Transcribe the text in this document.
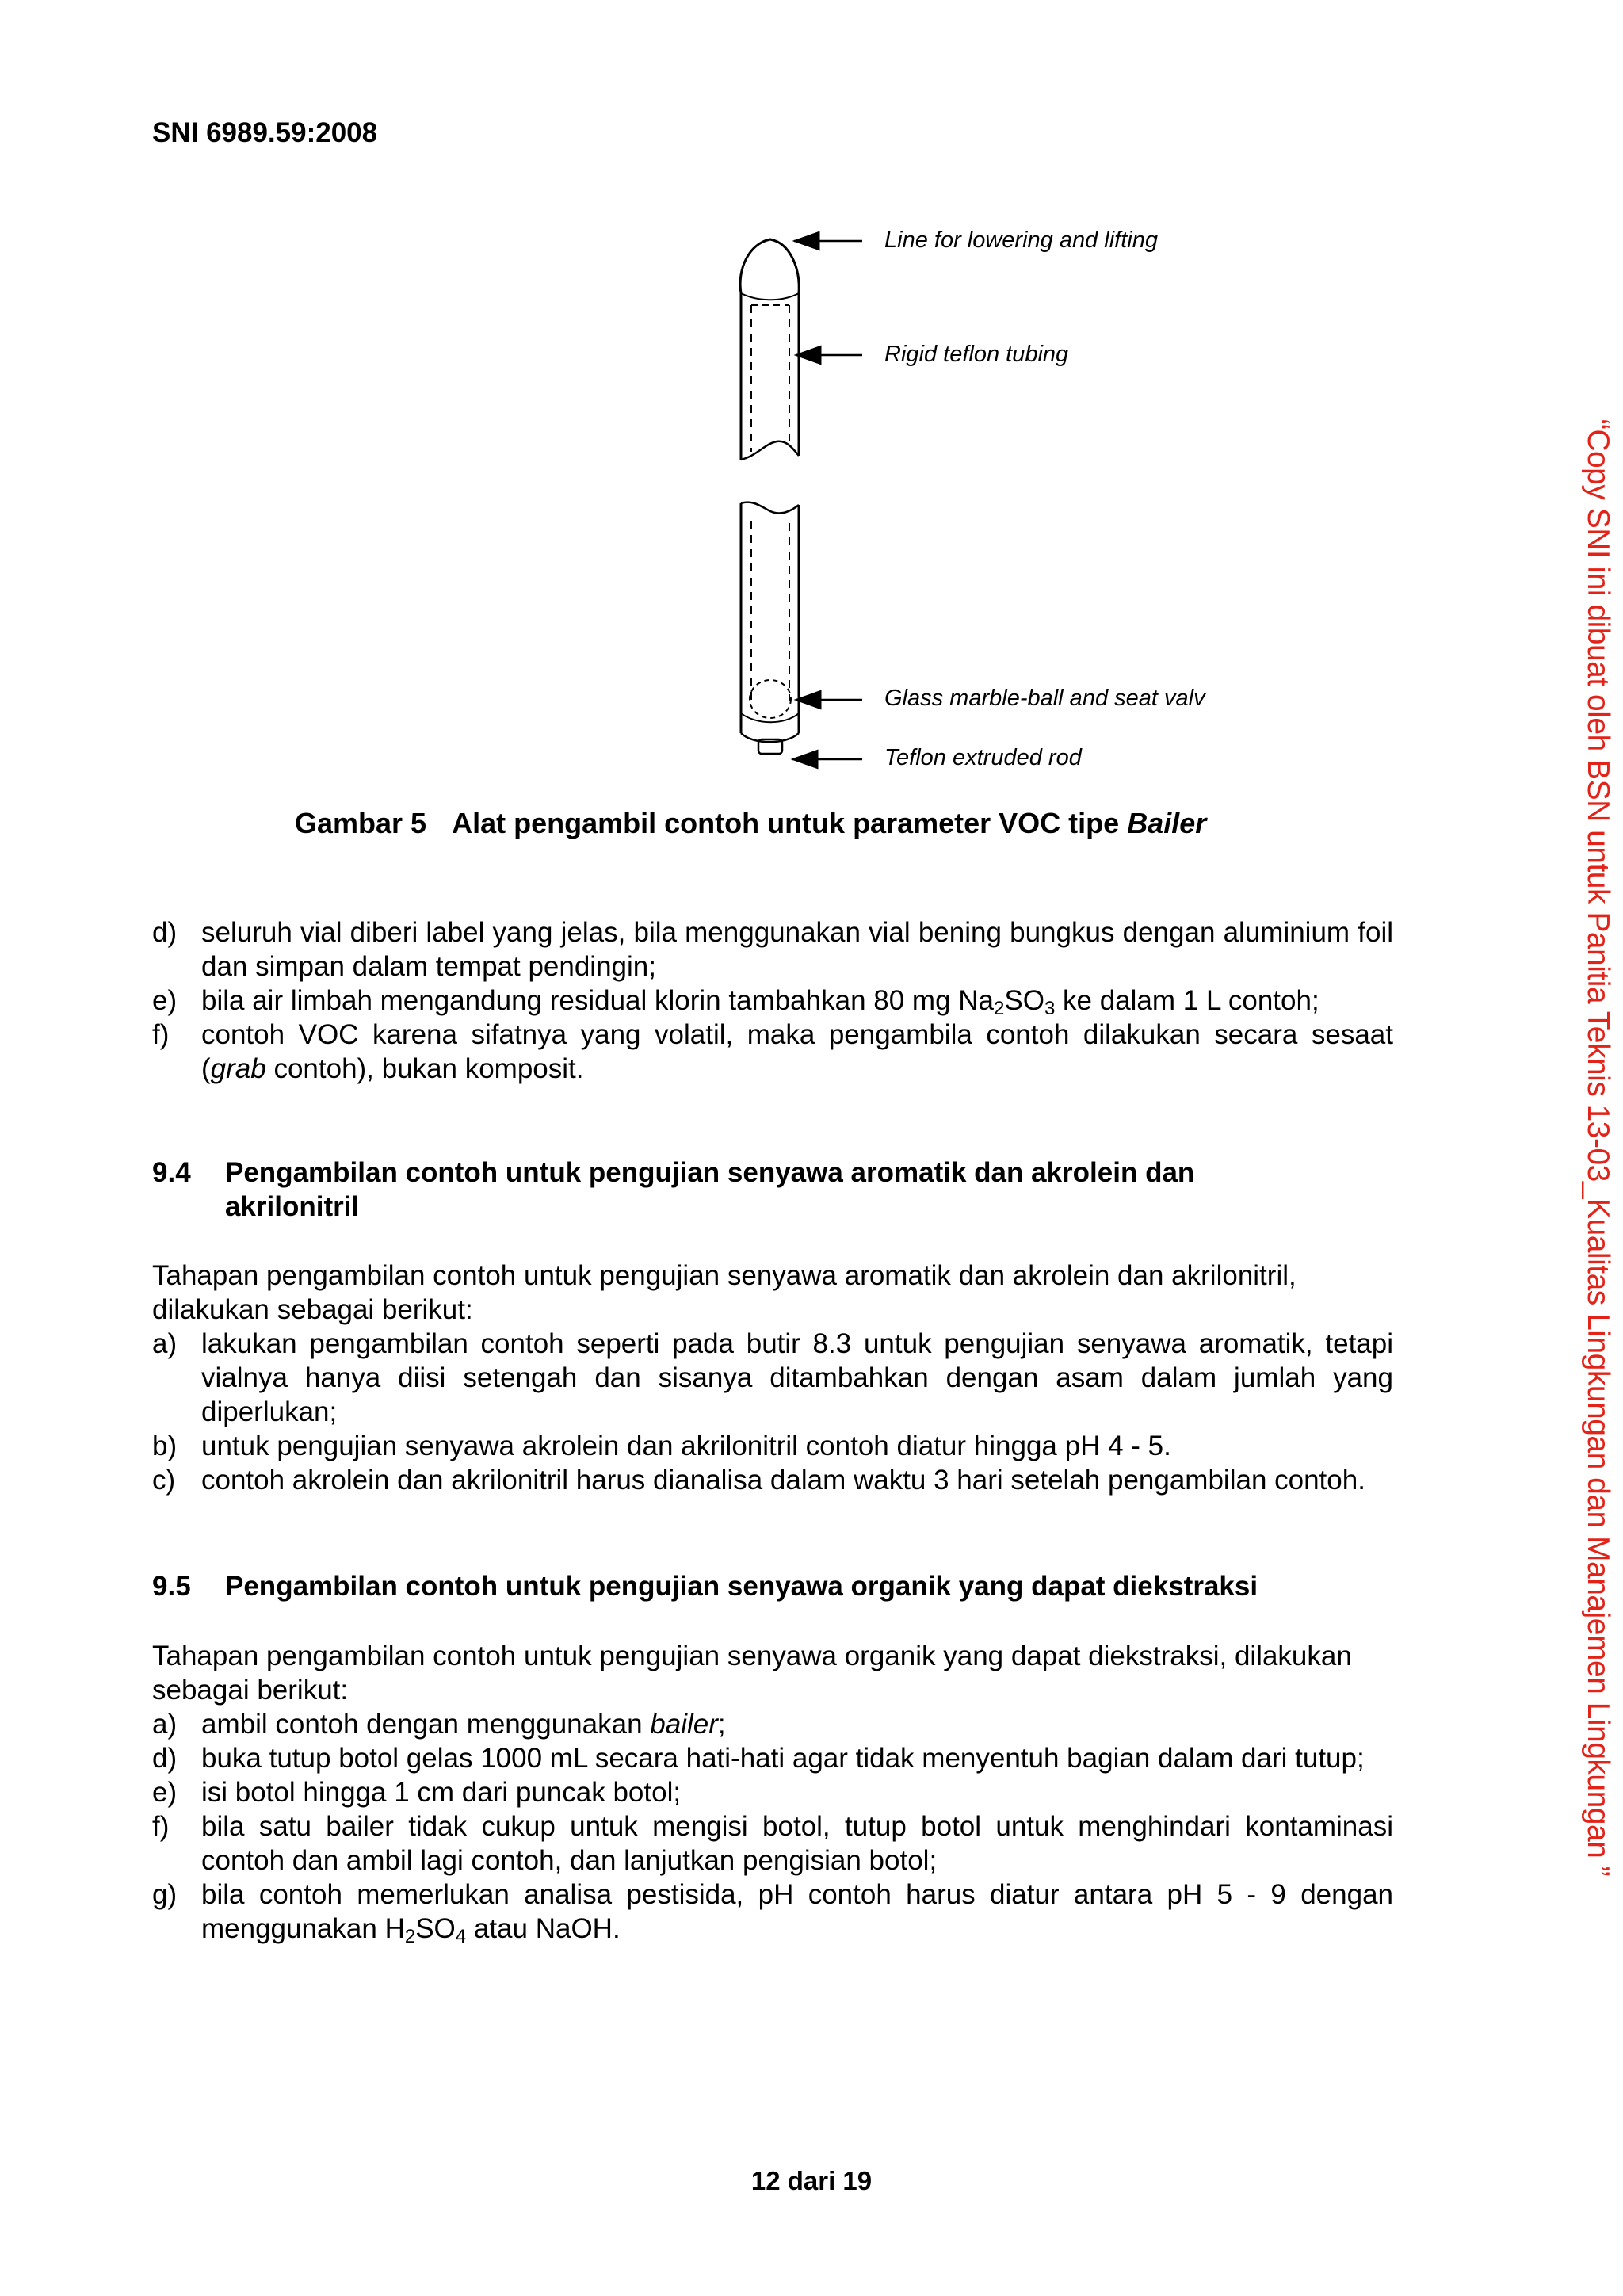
SNI 6989.59:2008
Line for lowering and lifting
Rigid teflon tubing
Glass marble-ball and seat valv
Teflon extruded rod
Gambar 5 Alat pengambil contoh untuk parameter VOC tipe Bailer
d) seluruh vial diberi label yang jelas, bila menggunakan vial bening bungkus dengan aluminium foil dan simpan dalam tempat pendingin;
e) bila air limbah mengandung residual klorin tambahkan 80 mg $Na_2SO_3$ ke dalam 1 L contoh;
f) contoh VOC karena sifatnya yang volatil, maka pengambila contoh dilakukan secara sesaat (grab contoh), bukan komposit.
9.4	Pengambilan contoh untuk pengujian senyawa aromatik dan akrolein dan akrilonitril
Tahapan pengambilan contoh untuk pengujian senyawa aromatik dan akrolein dan akrilonitril, dilakukan sebagai berikut:
a) lakukan pengambilan contoh seperti pada butir 8.3 untuk pengujian senyawa aromatik, tetapi vialnya hanya diisi setengah dan sisanya ditambahkan dengan asam dalam jumlah yang diperlukan;
b) untuk pengujian senyawa akrolein dan akrilonitril contoh diatur hingga pH 4 - 5.
c) contoh akrolein dan akrilonitril harus dianalisa dalam waktu 3 hari setelah pengambilan contoh.
9.5	Pengambilan contoh untuk pengujian senyawa organik yang dapat diekstraksi
Tahapan pengambilan contoh untuk pengujian senyawa organik yang dapat diekstraksi, dilakukan sebagai berikut:
a) ambil contoh dengan menggunakan bailer;
d) buka tutup botol gelas 1000 mL secara hati-hati agar tidak menyentuh bagian dalam dari tutup;
e) isi botol hingga 1 cm dari puncak botol;
f) bila satu bailer tidak cukup untuk mengisi botol, tutup botol untuk menghindari kontaminasi contoh dan ambil lagi contoh, dan lanjutkan pengisian botol;
g) bila contoh memerlukan analisa pestisida, pH contoh harus diatur antara pH 5 - 9 dengan menggunakan $H_2SO_4$ atau NaOH.
12 dari 19
“Copy SNI ini dibuat oleh BSN untuk Panitia Teknis 13-03_Kualitas Lingkungan dan Manajemen Lingkungan ”
